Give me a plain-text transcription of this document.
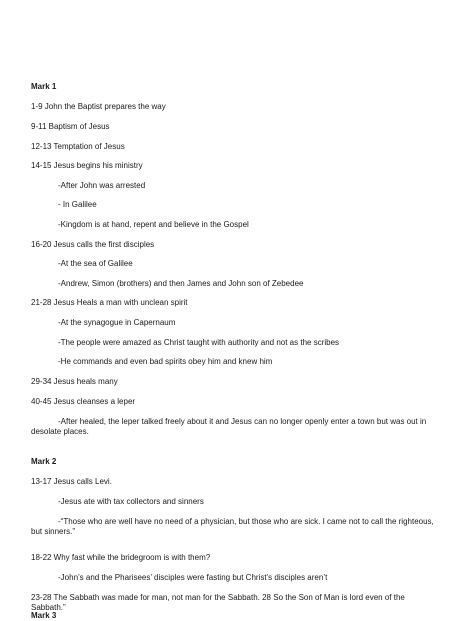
Mark 1
1-9 John the Baptist prepares the way
9-11 Baptism of Jesus
12-13 Temptation of Jesus
14-15 Jesus begins his ministry
-After John was arrested
- In Galilee
-Kingdom is at hand, repent and believe in the Gospel
16-20 Jesus calls the first disciples
-At the sea of Galilee
-Andrew, Simon (brothers) and then James and John son of Zebedee
21-28 Jesus Heals a man with unclean spirit
-At the synagogue in Capernaum
-The people were amazed as Christ taught with authority and not as the scribes
-He commands and even bad spirits obey him and knew him
29-34 Jesus heals many
40-45 Jesus cleanses a leper
-After healed, the leper talked freely about it and Jesus can no longer openly enter a town but was out in desolate places.
Mark 2
13-17 Jesus calls Levi.
-Jesus ate with tax collectors and sinners
-“Those who are well have no need of a physician, but those who are sick. I came not to call the righteous, but sinners.”
18-22 Why fast while the bridegroom is with them?
-John’s and the Pharisees’ disciples were fasting but Christ’s disciples aren’t
23-28 The Sabbath was made for man, not man for the Sabbath. 28 So the Son of Man is lord even of the Sabbath.”
Mark 3
